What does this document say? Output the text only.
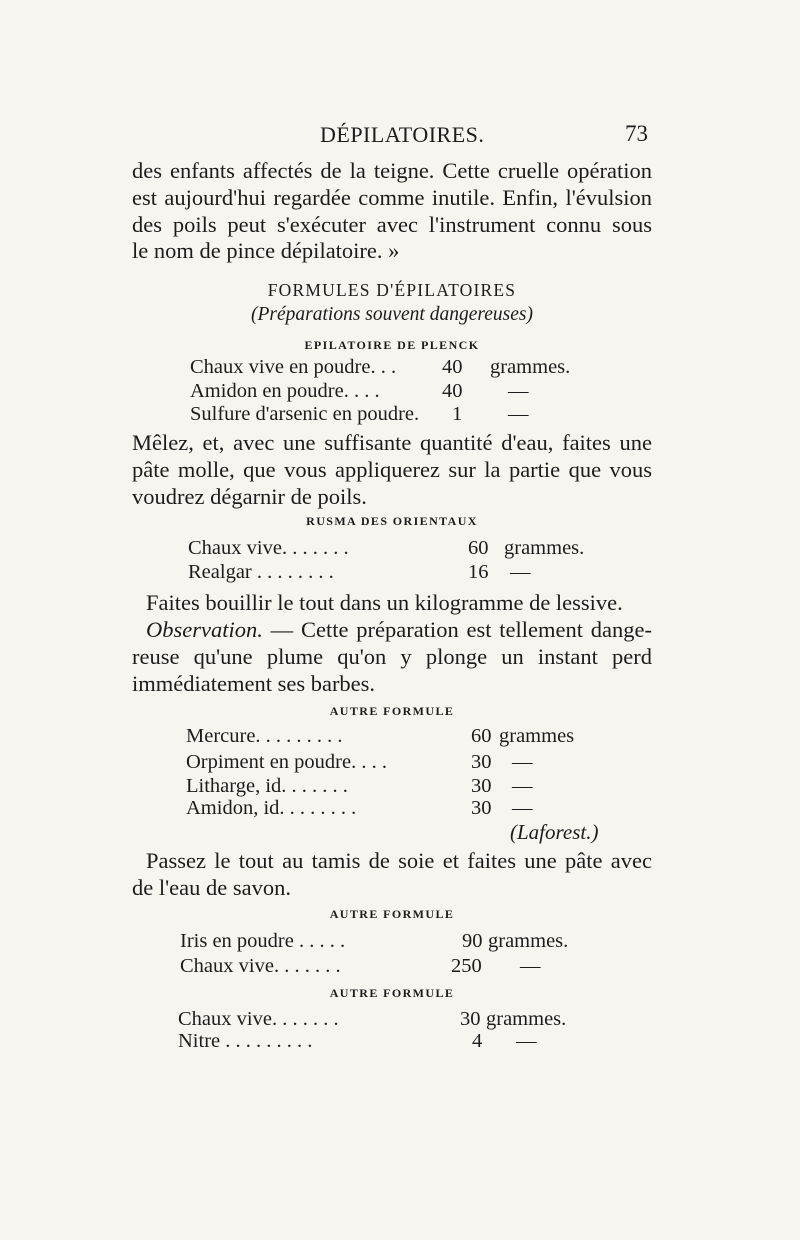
DÉPILATOIRES.	73
des enfants affectés de la teigne. Cette cruelle opération
est aujourd'hui regardée comme inutile. Enfin, l'évulsion
des poils peut s'exécuter avec l'instrument connu sous
le nom de pince dépilatoire. »
FORMULES D'ÉPILATOIRES
(Préparations souvent dangereuses)
EPILATOIRE DE PLENCK
Chaux vive en poudre. . . 40 grammes.
Amidon en poudre. . . .	40 —
Sulfure d'arsenic en poudre. 1 —
Mêlez, et, avec une suffisante quantité d'eau, faites une
pâte molle, que vous appliquerez sur la partie que vous
voudrez dégarnir de poils.
RUSMA DES ORIENTAUX
Chaux vive. . . . . . .	60 grammes.
Realgar . . . . . . . .	16 —
Faites bouillir le tout dans un kilogramme de lessive.
Observation. — Cette préparation est tellement dange-
reuse qu'une plume qu'on y plonge un instant perd
immédiatement ses barbes.
AUTRE FORMULE
Mercure. . . . . . . . .	60 grammes
Orpiment en poudre. . . .	30 —
Litharge, id. . . . . . .	30 —
Amidon, id. . . . . . . .	30 —
(Laforest.)
Passez le tout au tamis de soie et faites une pâte avec
de l'eau de savon.
AUTRE FORMULE
Iris en poudre . . . . .	90 grammes.
Chaux vive. . . . . . .	250 —
AUTRE FORMULE
Chaux vive. . . . . . .	30 grammes.
Nitre . . . . . . . . .	4 —
